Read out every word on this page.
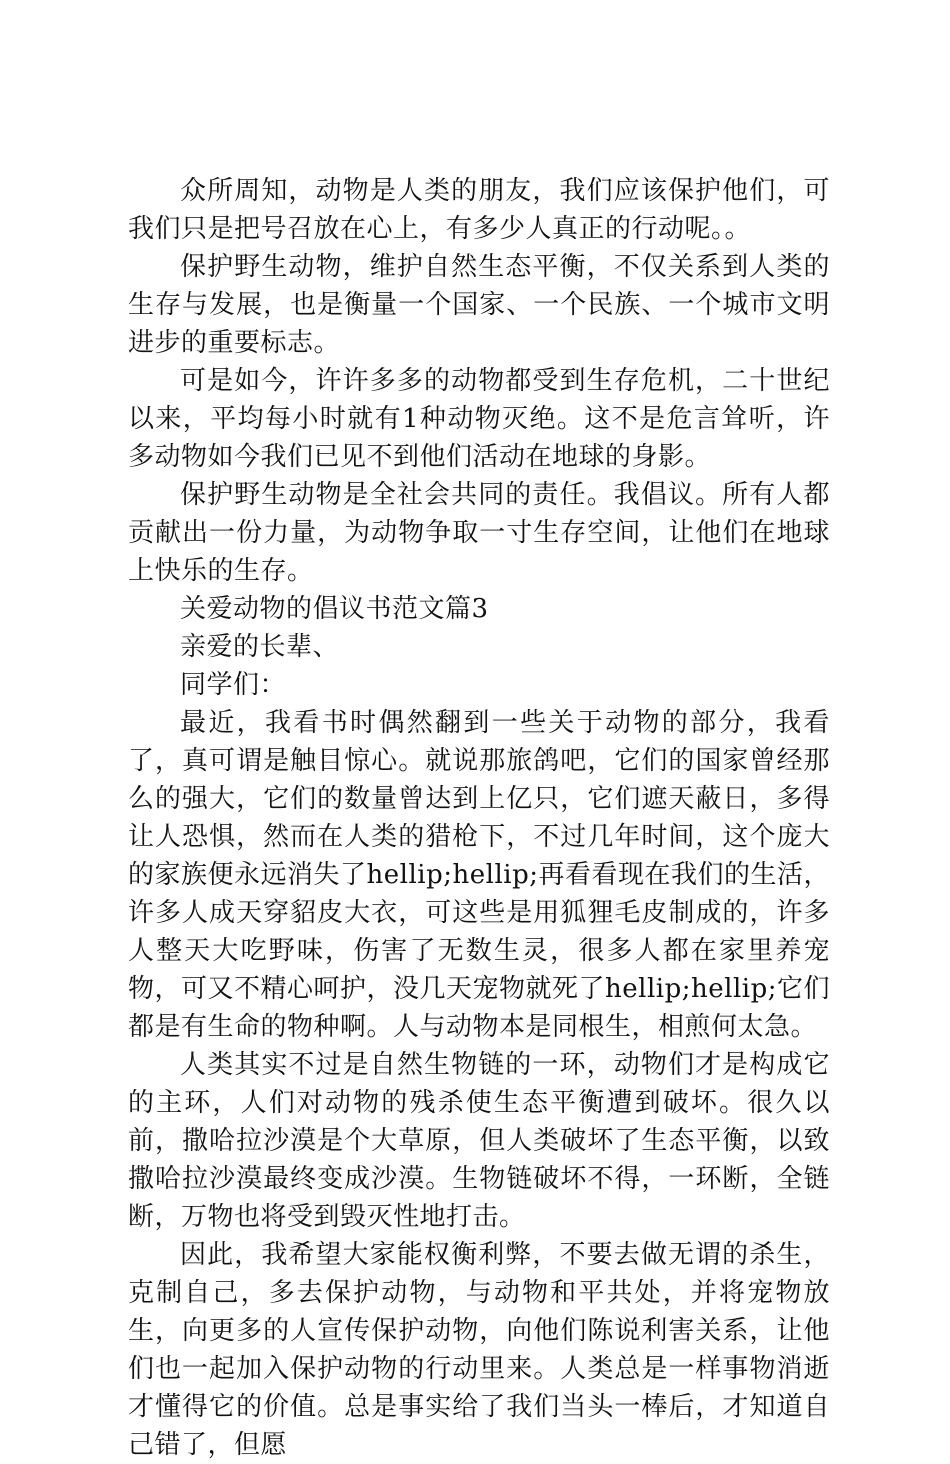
众所周知，动物是人类的朋友，我们应该保护他们，可我们只是把号召放在心上，有多少人真正的行动呢。。

保护野生动物，维护自然生态平衡，不仅关系到人类的生存与发展，也是衡量一个国家、一个民族、一个城市文明进步的重要标志。

可是如今，许许多多的动物都受到生存危机，二十世纪以来，平均每小时就有1种动物灭绝。这不是危言耸听，许多动物如今我们已见不到他们活动在地球的身影。

保护野生动物是全社会共同的责任。我倡议。所有人都贡献出一份力量，为动物争取一寸生存空间，让他们在地球上快乐的生存。

关爱动物的倡议书范文篇3

亲爱的长辈、

同学们：

最近，我看书时偶然翻到一些关于动物的部分，我看了，真可谓是触目惊心。就说那旅鸽吧，它们的国家曾经那么的强大，它们的数量曾达到上亿只，它们遮天蔽日，多得让人恐惧，然而在人类的猎枪下，不过几年时间，这个庞大的家族便永远消失了hellip;hellip;再看看现在我们的生活，许多人成天穿貂皮大衣，可这些是用狐狸毛皮制成的，许多人整天大吃野味，伤害了无数生灵，很多人都在家里养宠物，可又不精心呵护，没几天宠物就死了hellip;hellip;它们都是有生命的物种啊。人与动物本是同根生，相煎何太急。

人类其实不过是自然生物链的一环，动物们才是构成它的主环，人们对动物的残杀使生态平衡遭到破坏。很久以前，撒哈拉沙漠是个大草原，但人类破坏了生态平衡，以致撒哈拉沙漠最终变成沙漠。生物链破坏不得，一环断，全链断，万物也将受到毁灭性地打击。

因此，我希望大家能权衡利弊，不要去做无谓的杀生，克制自己，多去保护动物，与动物和平共处，并将宠物放生，向更多的人宣传保护动物，向他们陈说利害关系，让他们也一起加入保护动物的行动里来。人类总是一样事物消逝才懂得它的价值。总是事实给了我们当头一棒后，才知道自己错了，但愿
